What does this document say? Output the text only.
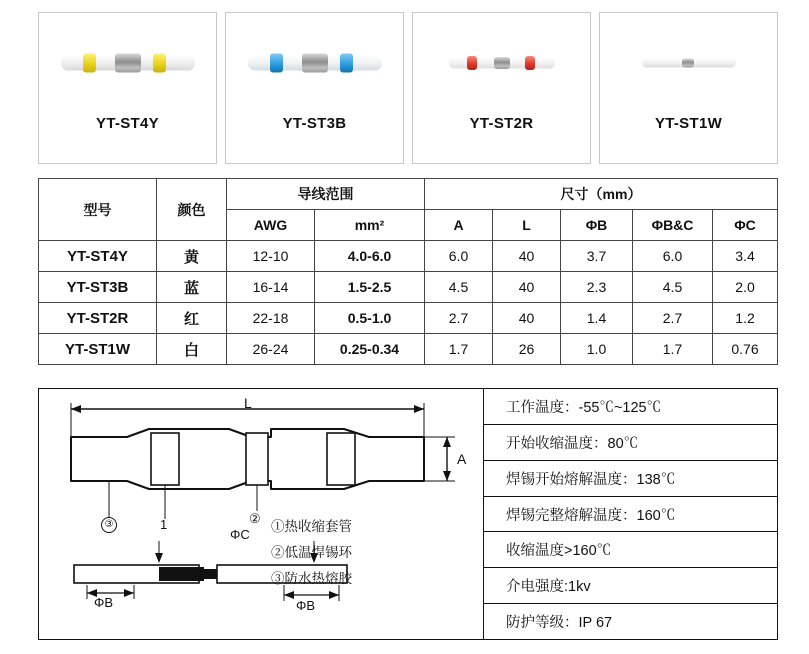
YT-ST4Y	YT-ST3B	YT-ST2R	YT-ST1W
型号	颜色	导线范围		尺寸（mm）				
		AWG	mm²	A	L	ΦB	ΦB&C	ΦC
YT-ST4Y	黄	12-10	4.0-6.0	6.0	40	3.7	6.0	3.4
YT-ST3B	蓝	16-14	1.5-2.5	4.5	40	2.3	4.5	2.0
YT-ST2R	红	22-18	0.5-1.0	2.7	40	1.4	2.7	1.2
YT-ST1W	白	26-24	0.25-0.34	1.7	26	1.0	1.7	0.76
L
A
③	1	②
ΦC
ΦB	ΦB
①热收缩套管
②低温焊锡环
③防水热熔胶
工作温度：-55℃~125℃
开始收缩温度：80℃
焊锡开始熔解温度：138℃
焊锡完整熔解温度：160℃
收缩温度>160℃
介电强度:1kv
防护等级：IP 67
